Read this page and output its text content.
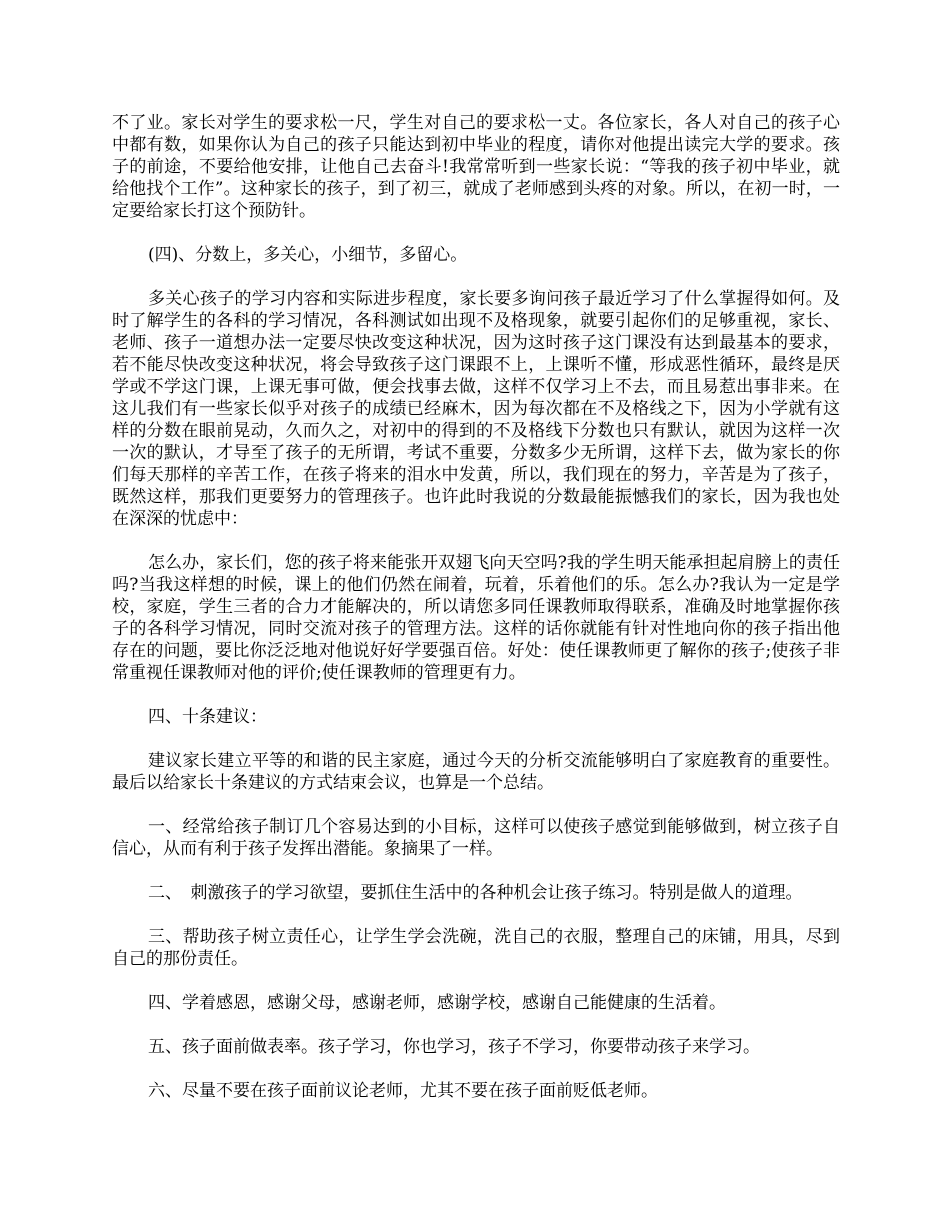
不了业。家长对学生的要求松一尺，学生对自己的要求松一丈。各位家长，各人对自己的孩子心中都有数，如果你认为自己的孩子只能达到初中毕业的程度，请你对他提出读完大学的要求。孩子的前途，不要给他安排，让他自己去奋斗!我常常听到一些家长说：“等我的孩子初中毕业，就给他找个工作”。这种家长的孩子，到了初三，就成了老师感到头疼的对象。所以，在初一时，一定要给家长打这个预防针。

(四)、分数上，多关心，小细节，多留心。

多关心孩子的学习内容和实际进步程度，家长要多询问孩子最近学习了什么掌握得如何。及时了解学生的各科的学习情况，各科测试如出现不及格现象，就要引起你们的足够重视，家长、老师、孩子一道想办法一定要尽快改变这种状况，因为这时孩子这门课没有达到最基本的要求，若不能尽快改变这种状况，将会导致孩子这门课跟不上，上课听不懂，形成恶性循环，最终是厌学或不学这门课，上课无事可做，便会找事去做，这样不仅学习上不去，而且易惹出事非来。在这儿我们有一些家长似乎对孩子的成绩已经麻木，因为每次都在不及格线之下，因为小学就有这样的分数在眼前晃动，久而久之，对初中的得到的不及格线下分数也只有默认，就因为这样一次一次的默认，才导至了孩子的无所谓，考试不重要，分数多少无所谓，这样下去，做为家长的你们每天那样的辛苦工作，在孩子将来的泪水中发黄，所以，我们现在的努力，辛苦是为了孩子，既然这样，那我们更要努力的管理孩子。也许此时我说的分数最能振憾我们的家长，因为我也处在深深的忧虑中：

怎么办，家长们，您的孩子将来能张开双翅飞向天空吗?我的学生明天能承担起肩膀上的责任吗?当我这样想的时候，课上的他们仍然在闹着，玩着，乐着他们的乐。怎么办?我认为一定是学校，家庭，学生三者的合力才能解决的，所以请您多同任课教师取得联系，准确及时地掌握你孩子的各科学习情况，同时交流对孩子的管理方法。这样的话你就能有针对性地向你的孩子指出他存在的问题，要比你泛泛地对他说好好学要强百倍。好处：使任课教师更了解你的孩子;使孩子非常重视任课教师对他的评价;使任课教师的管理更有力。

四、十条建议：

建议家长建立平等的和谐的民主家庭，通过今天的分析交流能够明白了家庭教育的重要性。最后以给家长十条建议的方式结束会议，也算是一个总结。

一、经常给孩子制订几个容易达到的小目标，这样可以使孩子感觉到能够做到，树立孩子自信心，从而有利于孩子发挥出潜能。象摘果了一样。

二、　刺激孩子的学习欲望，要抓住生活中的各种机会让孩子练习。特别是做人的道理。

三、帮助孩子树立责任心，让学生学会洗碗，洗自己的衣服，整理自己的床铺，用具，尽到自己的那份责任。

四、学着感恩，感谢父母，感谢老师，感谢学校，感谢自己能健康的生活着。

五、孩子面前做表率。孩子学习，你也学习，孩子不学习，你要带动孩子来学习。

六、尽量不要在孩子面前议论老师，尤其不要在孩子面前贬低老师。
